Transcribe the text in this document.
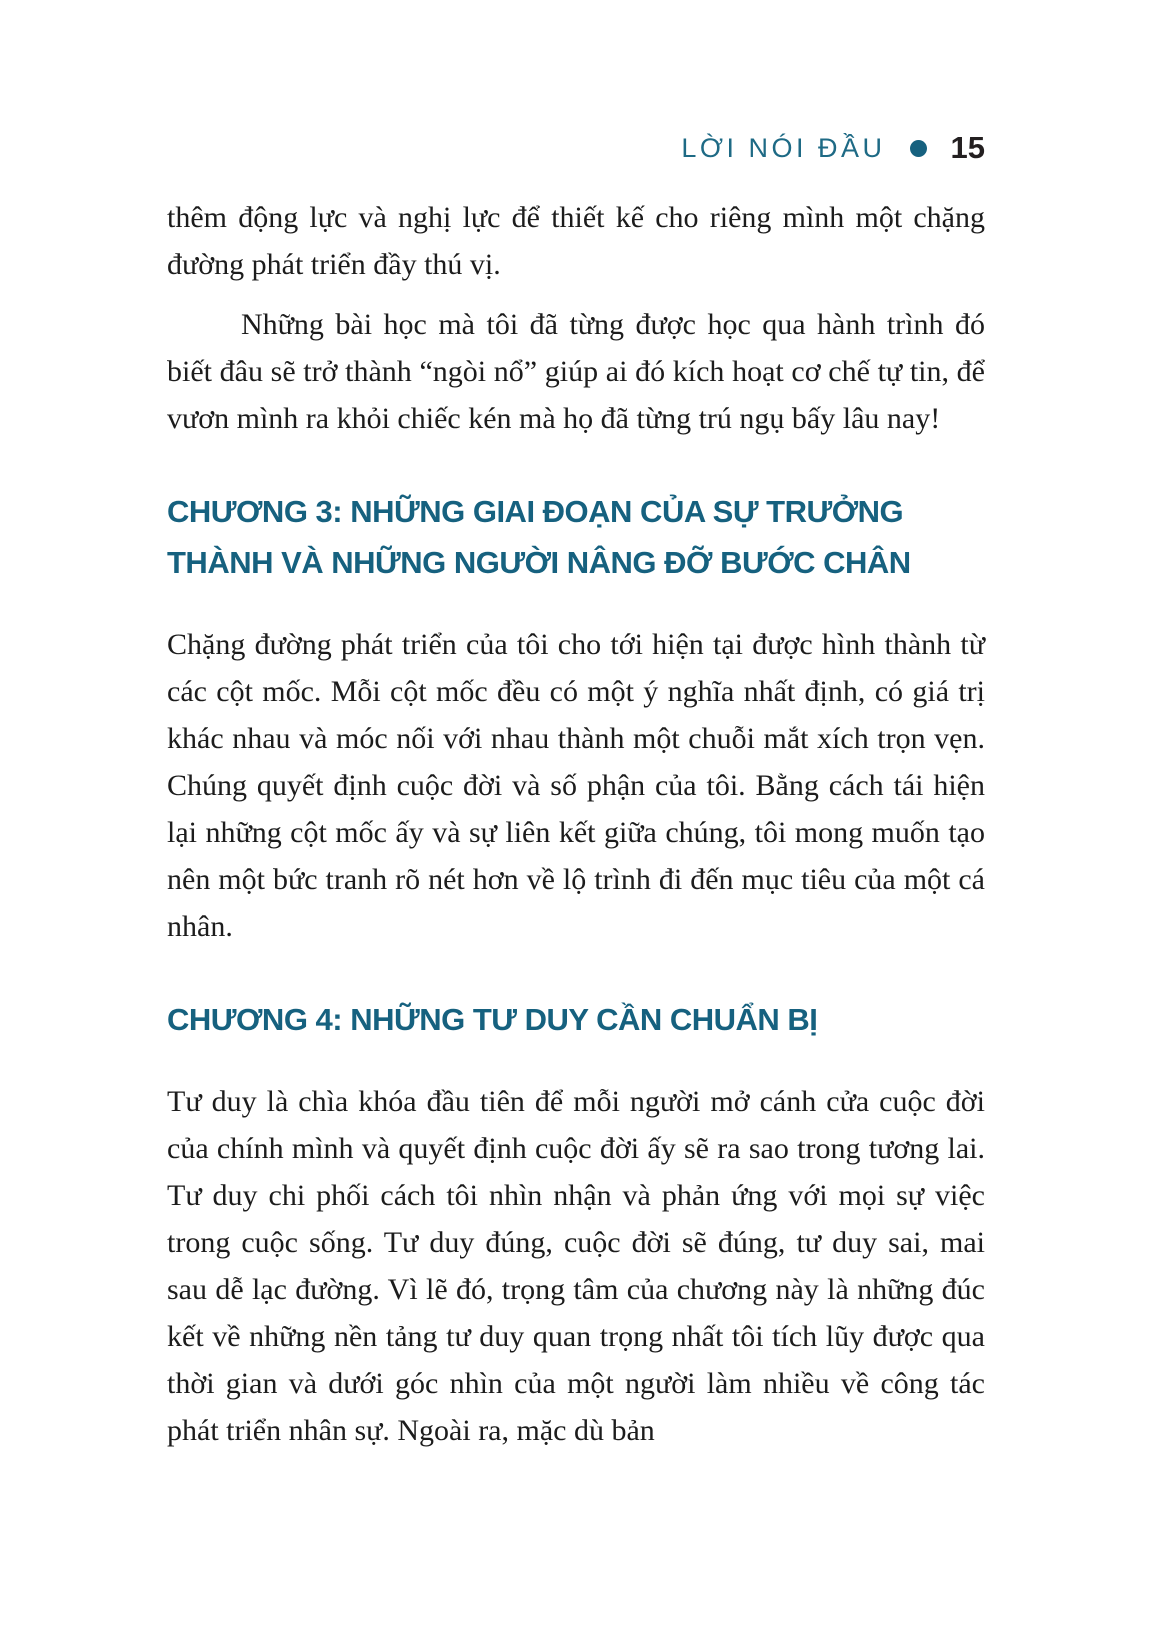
LỜI NÓI ĐẦU 15

thêm động lực và nghị lực để thiết kế cho riêng mình một chặng đường phát triển đầy thú vị.

Những bài học mà tôi đã từng được học qua hành trình đó biết đâu sẽ trở thành “ngòi nổ” giúp ai đó kích hoạt cơ chế tự tin, để vươn mình ra khỏi chiếc kén mà họ đã từng trú ngụ bấy lâu nay!

CHƯƠNG 3: NHỮNG GIAI ĐOẠN CỦA SỰ TRƯỞNG THÀNH VÀ NHỮNG NGƯỜI NÂNG ĐỠ BƯỚC CHÂN

Chặng đường phát triển của tôi cho tới hiện tại được hình thành từ các cột mốc. Mỗi cột mốc đều có một ý nghĩa nhất định, có giá trị khác nhau và móc nối với nhau thành một chuỗi mắt xích trọn vẹn. Chúng quyết định cuộc đời và số phận của tôi. Bằng cách tái hiện lại những cột mốc ấy và sự liên kết giữa chúng, tôi mong muốn tạo nên một bức tranh rõ nét hơn về lộ trình đi đến mục tiêu của một cá nhân.

CHƯƠNG 4: NHỮNG TƯ DUY CẦN CHUẨN BỊ

Tư duy là chìa khóa đầu tiên để mỗi người mở cánh cửa cuộc đời của chính mình và quyết định cuộc đời ấy sẽ ra sao trong tương lai. Tư duy chi phối cách tôi nhìn nhận và phản ứng với mọi sự việc trong cuộc sống. Tư duy đúng, cuộc đời sẽ đúng, tư duy sai, mai sau dễ lạc đường. Vì lẽ đó, trọng tâm của chương này là những đúc kết về những nền tảng tư duy quan trọng nhất tôi tích lũy được qua thời gian và dưới góc nhìn của một người làm nhiều về công tác phát triển nhân sự. Ngoài ra, mặc dù bản
